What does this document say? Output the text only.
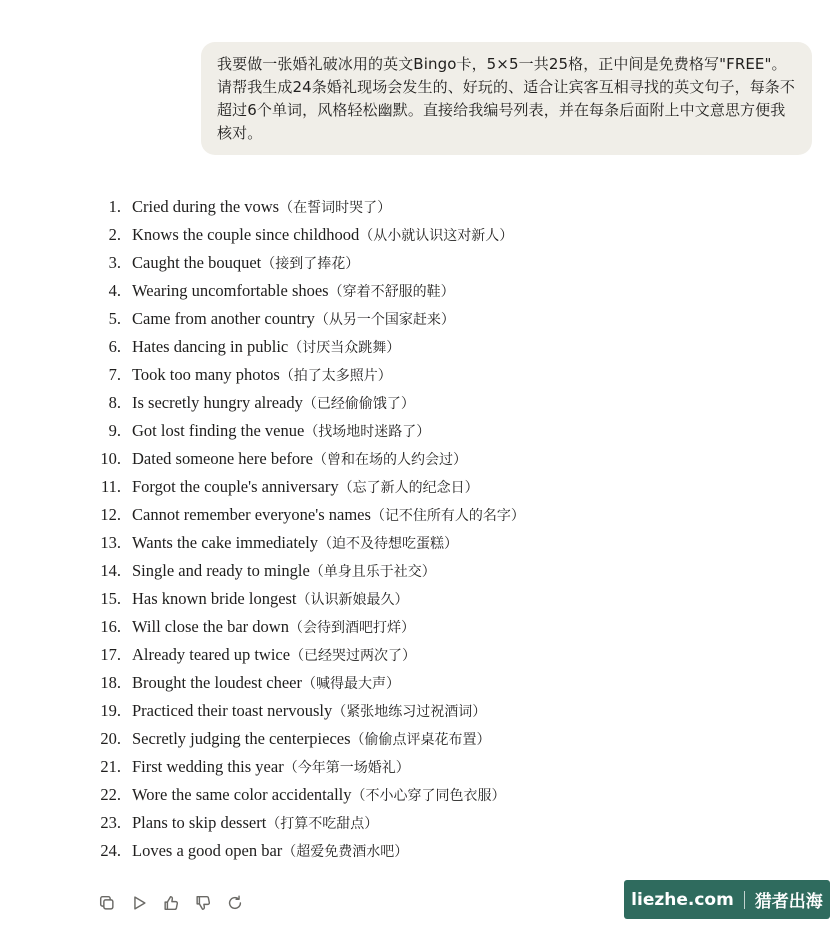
我要做一张婚礼破冰用的英文Bingo卡，5×5一共25格，正中间是免费格写"FREE"。请帮我生成24条婚礼现场会发生的、好玩的、适合让宾客互相寻找的英文句子，每条不超过6个单词，风格轻松幽默。直接给我编号列表，并在每条后面附上中文意思方便我核对。

1. Cried during the vows（在誓词时哭了）
2. Knows the couple since childhood（从小就认识这对新人）
3. Caught the bouquet（接到了捧花）
4. Wearing uncomfortable shoes（穿着不舒服的鞋）
5. Came from another country（从另一个国家赶来）
6. Hates dancing in public（讨厌当众跳舞）
7. Took too many photos（拍了太多照片）
8. Is secretly hungry already（已经偷偷饿了）
9. Got lost finding the venue（找场地时迷路了）
10. Dated someone here before（曾和在场的人约会过）
11. Forgot the couple's anniversary（忘了新人的纪念日）
12. Cannot remember everyone's names（记不住所有人的名字）
13. Wants the cake immediately（迫不及待想吃蛋糕）
14. Single and ready to mingle（单身且乐于社交）
15. Has known bride longest（认识新娘最久）
16. Will close the bar down（会待到酒吧打烊）
17. Already teared up twice（已经哭过两次了）
18. Brought the loudest cheer（喊得最大声）
19. Practiced their toast nervously（紧张地练习过祝酒词）
20. Secretly judging the centerpieces（偷偷点评桌花布置）
21. First wedding this year（今年第一场婚礼）
22. Wore the same color accidentally（不小心穿了同色衣服）
23. Plans to skip dessert（打算不吃甜点）
24. Loves a good open bar（超爱免费酒水吧）
liezhe.com 猎者出海
